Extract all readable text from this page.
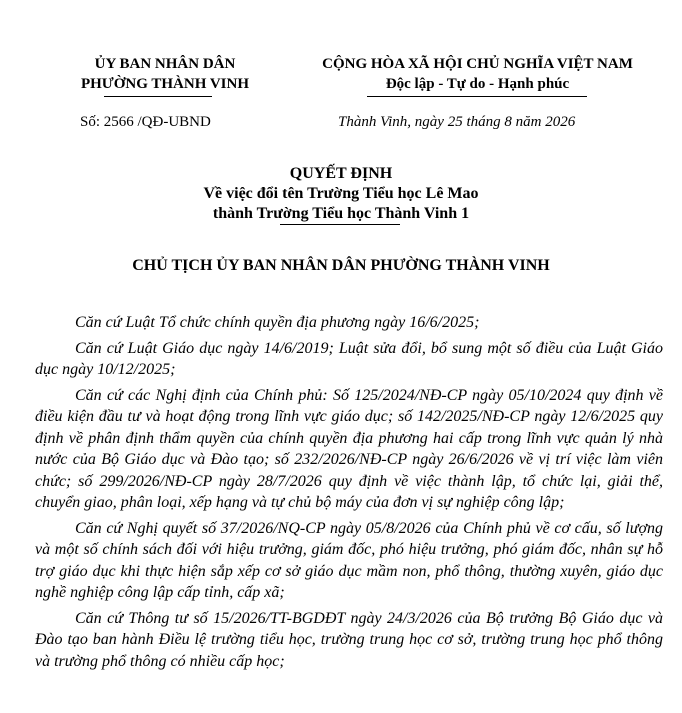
ỦY BAN NHÂN DÂN
PHƯỜNG THÀNH VINH
CỘNG HÒA XÃ HỘI CHỦ NGHĨA VIỆT NAM
Độc lập - Tự do - Hạnh phúc
Số: 2566 /QĐ-UBND	Thành Vinh, ngày 25 tháng 8 năm 2026
QUYẾT ĐỊNH
Về việc đổi tên Trường Tiểu học Lê Mao
thành Trường Tiểu học Thành Vinh 1
CHỦ TỊCH ỦY BAN NHÂN DÂN PHƯỜNG THÀNH VINH

Căn cứ Luật Tổ chức chính quyền địa phương ngày 16/6/2025;

Căn cứ Luật Giáo dục ngày 14/6/2019; Luật sửa đổi, bổ sung một số điều của Luật Giáo dục ngày 10/12/2025;

Căn cứ các Nghị định của Chính phủ: Số 125/2024/NĐ-CP ngày 05/10/2024 quy định về điều kiện đầu tư và hoạt động trong lĩnh vực giáo dục; số 142/2025/NĐ-CP ngày 12/6/2025 quy định về phân định thẩm quyền của chính quyền địa phương hai cấp trong lĩnh vực quản lý nhà nước của Bộ Giáo dục và Đào tạo; số 232/2026/NĐ-CP ngày 26/6/2026 về vị trí việc làm viên chức; số 299/2026/NĐ-CP ngày 28/7/2026 quy định về việc thành lập, tổ chức lại, giải thể, chuyển giao, phân loại, xếp hạng và tự chủ bộ máy của đơn vị sự nghiệp công lập;

Căn cứ Nghị quyết số 37/2026/NQ-CP ngày 05/8/2026 của Chính phủ về cơ cấu, số lượng và một số chính sách đối với hiệu trưởng, giám đốc, phó hiệu trưởng, phó giám đốc, nhân sự hỗ trợ giáo dục khi thực hiện sắp xếp cơ sở giáo dục mầm non, phổ thông, thường xuyên, giáo dục nghề nghiệp công lập cấp tỉnh, cấp xã;

Căn cứ Thông tư số 15/2026/TT-BGDĐT ngày 24/3/2026 của Bộ trưởng Bộ Giáo dục và Đào tạo ban hành Điều lệ trường tiểu học, trường trung học cơ sở, trường trung học phổ thông và trường phổ thông có nhiều cấp học;
